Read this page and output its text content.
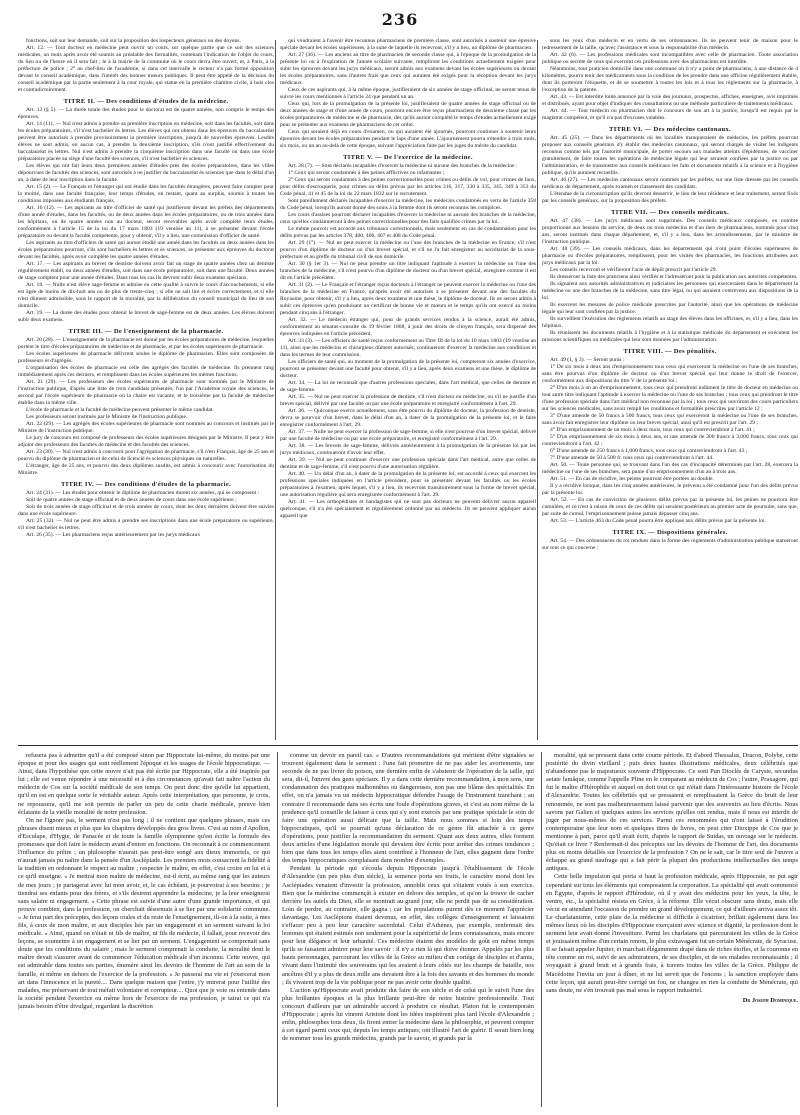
236

fonctions, soit sur leur demande, soit sur la proposition des inspecteurs généraux ou des doyens.

Art. 12. — Tout docteur en médecine peut ouvrir un cours, sur quelque partie que ce soit des sciences médicales, un mois après avoir été soumis au préalable des formalités, contenant l'indication de l'objet du cours, du lieu ou de l'heure où il sera fait ; le à la mairie de la commune où le cours devra être ouvert, et, à Paris, à la préfecture de police ; 2° au chef-lieu de l'académie, si dans cet intervalle le recteur n'a pas formé opposition devant le conseil académique, dans l'intérêt des bonnes mœurs publiques. Il peut être appelé de la décision du conseil académique par la partie seulement à la cour royale, qui statue en la première chambre civile, à huis clos et contradictoirement.

TITRE II. — Des conditions d'études de la médecine.

Art. 13 (§ 5). — La durée totale des études pour le doctorat est de quatre années, non compris le temps des épreuves.

Art. 14 (11). — Nul n'est admis à prendre sa première inscription en médecine, soit dans les facultés, soit dans les écoles préparatoires, s'il n'est bachelier ès lettres. Les élèves qui ont obtenu dans les épreuves du baccalauréat peuvent être autorisés à prendre provisoirement la première inscription, jusqu'à de nouvelles épreuves. Lesdits élèves ne sont admis, en aucun cas, à prendre la deuxième inscription, s'ils n'ont justifié effectivement du baccalauréat ès lettres. Nul n'est admis à prendre la cinquième inscription dans une faculté ou dans une école préparatoire placée au siège d'une faculté des sciences, s'il n'est bachelier ès sciences.

Les élèves qui ont fait leurs deux premières années d'études près des écoles préparatoires, dans les villes dépourvues de facultés des sciences, sont autorisés à ne justifier du baccalauréat ès sciences que dans le délai d'un an, à dater de leur inscription dans la faculté.

Art. 15 (2). — Le Français et l'étranger qui ont étudié dans les facultés étrangères, peuvent faire compter pour la moitié, dans une faculté française, leur temps d'études, en restant, quant au surplus, soumis à toutes les conditions imposées aux étudiants français.

Art. 16 (12). — Les aspirants au titre d'officier de santé qui justifieront devant les préfets des départements d'une année d'études, dans les facultés, ou de deux années dans les écoles préparatoires, ou de trois années dans les hôpitaux, ou de quatre années non au docteur, seront recevables après avoir complété leurs études, conformément à l'article 15 de la loi du 17 mars 1803 (19 ventôse an 11), à se présenter devant l'école préparatoire ou devant la faculté compétente, pour y obtenir, s'il y a lieu, une commission d'officier de santé.

Les aspirants au titre d'officiers de santé qui auront étudié une année dans les facultés ou deux années dans les écoles préparatoires pourront, s'ils sont bacheliers ès lettres et ès sciences, se présenter aux épreuves du doctorat devant les facultés, après avoir complété les quatre années d'études.

Art. 17. — Les aspirants au brevet de dentiste doivent avoir fait un stage de quatre années chez un dentiste régulièrement établi, ou deux années d'études, soit dans une école préparatoire, soit dans une faculté. Deux années de stage comptent pour une année d'études. Dans tous les cas ils devront subir deux examens spéciaux.

Art. 18. — Nulle n'est élève sage-femme et admise en cette qualité à suivre le cours d'accouchements, si elle est âgée de moins de dix-huit ans ou de plus de trente-cinq ; si elle ne sait lire et écrire correctement, et si elle n'est dûment admissible, sous le rapport de la moralité, par la délibération du conseil municipal du lieu de son domicile.

Art. 19. — La durée des études pour obtenir le brevet de sage-femme est de deux années. Les élèves doivent subir deux examens.

TITRE III. — De l'enseignement de la pharmacie.

Art. 20 (28). — L'enseignement de la pharmacie est donné par les écoles préparatoires de médecine, lesquelles portent le titre d'écoles préparatoires de médecine et de pharmacie, et par les écoles supérieures de pharmacie.

Les écoles supérieures de pharmacie délivrent seules le diplôme de pharmacien. Elles sont composées de professeurs et d'agrégés.

L'organisation des écoles de pharmacie est celle des agrégés des facultés de médecine. Ils prennent rang immédiatement après ces derniers, et remplissent dans les écoles supérieures les mêmes fonctions.

Art. 21 (29). — Les professeurs des écoles supérieures de pharmacie sont nommés par le Ministre de l'instruction publique, d'après une liste de trois candidats présentés, l'un par l'Académie royale des sciences, le second par l'école supérieure de pharmacie où la chaire est vacante, et le troisième par la faculté de médecine établie dans la même ville.

L'école de pharmacie et la faculté de médecine peuvent présenter le même candidat.

Les professeurs seront institués par le Ministre de l'instruction publique.

Art. 22 (29). — Les agrégés des écoles supérieures de pharmacie sont nommés au concours et institués par le Ministre de l'instruction publique.

Le jury de concours est composé de professeurs des écoles supérieures désignés par le Ministre. Il peut y être adjoint des professeurs des facultés de médecine et des facultés des sciences.

Art. 23 (30). — Nul n'est admis à concourir pour l'agrégation de pharmacie, s'il n'est Français, âgé de 25 ans et pourvu du diplôme de pharmacien et de celui de licencié ès sciences physiques ou naturelles.

L'étranger, âgé de 25 ans, et pourvu des deux diplômes susdits, est admis à concourir avec l'autorisation du Ministre.

TITRE IV. — Des conditions d'études de la pharmacie.

Art. 24 (31). — Les études pour obtenir le diplôme de pharmacien durent six années, qui se composent :

Soit de quatre années de stage officinal et de deux années de cours dans une école supérieure ;

Soit de trois années de stage officinal et de trois années de cours, dont les deux dernières doivent être suivies dans une école supérieure.

Art. 25 (32). — Nul ne peut être admis à prendre ses inscriptions dans une école préparatoire ou supérieure, s'il n'est bachelier ès lettres.

Art. 26 (35). — Les pharmaciens reçus antérieurement par les jurys médicaux

qui voudraient à l'avenir être reconnus pharmaciens de première classe, sont autorisés à soutenir une épreuve spéciale devant les écoles supérieures, à la suite de laquelle ils recevront, s'il y a lieu, un diplôme de pharmacien.

Art. 27 (36). — Les anciens au titre de pharmacien de seconde classe qui, à l'époque de la promulgation de la présente loi ou à l'expiration de l'année scolaire suivante, rempliront les conditions actuellement exigées pour subir les épreuves devant les jurys médicaux, seront admis aux examens devant les écoles supérieures ou devant les écoles préparatoires, sans d'autres frais que ceux qui auraient été exigés pour la réception devant les jurys médicaux.

Ceux de ces aspirants qui, à la même époque, justifieraient de six années de stage officinal, ne seront tenus de suivre les cours mentionnés à l'article 24 que pendant un an.

Ceux qui, lors de la promulgation de la présente loi, justifieraient de quatre années de stage officinal ou de deux années de stage et d'une année de cours, pourront encore être reçus pharmaciens de deuxième classe par les écoles préparatoires de médecine et de pharmacie, dès qu'ils auront complété le temps d'études actuellement exigé pour se présenter aux examens de pharmaciens de cet ordre.

Ceux qui seraient déjà en cours d'examen, ou qui auraient été ajournés, pourront continuer à soutenir leurs épreuves devant les écoles préparatoires pendant le laps d'une année. L'ajournement pourra s'étendre à trois mois, six mois, ou un an au-delà de cette époque, suivant l'appréciation faite par les juges du mérite du candidat.

TITRE V. — De l'exercice de la médecine.

Art. 28 (7). — Sont déclarés incapables d'exercer la médecine ni aucune des branches de la médecine :

1° Ceux qui seront condamnés à des peines afflictives ou infamantes ;

2° Ceux qui seront condamnés à des peines correctionnelles pour crimes ou délits de vol, pour crimes de faux, pour délits d'escroquerie, pour crimes ou délits prévus par les articles 316, 317, 330 à 335, 345, 349 à 353 du Code pénal, 41 et 45 de la loi du 22 mars 1832 sur le recrutement.

Sont pareillement déclarés incapables d'exercer la médecine, les médecins condamnés en vertu de l'article 358 du Code pénal, lorsqu'ils auront donné des soins à la femme dont ils seront reconnus les complices.

Les cours d'assises pourront déclarer incapables d'exercer la médecine ni aucune des branches de la médecine, ceux qu'elles condamneront à des peines correctionnelles pour des faits qualifiés crimes par la loi.

Le même pouvoir est accordé aux tribunaux correctionnels, mais seulement en cas de condamnation pour les délits prévus par les articles 378, 400, 406, 407 et 408 du Code pénal.

Art. 29 (1°). — Nul ne peut exercer la médecine ou l'une des branches de la médecine en France, s'il n'est pourvu d'un diplôme de docteur ou d'un brevet spécial, et s'il ne l'a fait enregistrer au secrétariat de la sous-préfecture et au greffe du tribunal civil de son domicile.

Art. 30 (§ 1er 3). — Nul ne peut prendre un titre indiquant l'aptitude à exercer la médecine ou l'une des branches de la médecine, s'il n'est pourvu d'un diplôme de docteur ou d'un brevet spécial, enregistré comme il est dit en l'article précédent.

Art. 31 (2). — Le Français et l'étranger reçus docteurs à l'étranger ne peuvent exercer la médecine ou l'une des branches de la médecine en France, qu'après avoir été autorisés à se présenter devant une des facultés du Royaume, pour obtenir, s'il y a lieu, après deux examens et une thèse, le diplôme de docteur. Ils ne seront admis à subir ces épreuves qu'en produisant un certificat de bonne vie et mœurs et le temps qu'ils ont exercé au moins pendant cinq ans à l'étranger.

Art. 32. — Le médecin étranger qui, pour de grands services rendus à la science, aurait été admis, conformément au sénatus-consulte du 19 février 1808, à jouir des droits de citoyen français, sera dispensé des épreuves indiquées en l'article précédent.

Art. 33 (3). — Les officiers de santé reçus conformément au Titre III de la loi du 10 mars 1803 (19 ventôse an 11), ainsi que les médecins et chirurgiens dûment autorisés, continueront d'exercer la médecine aux conditions et dans les termes de leur commission.

Les officiers de santé qui, au moment de la promulgation de la présente loi, compteront six années d'exercice, pourront se présenter devant une faculté pour obtenir, s'il y a lieu, après deux examens et une thèse, le diplôme de docteur.

Art. 34. — La loi ne reconnaît que d'autres professions spéciales, dans l'art médical, que celles de dentiste et de sage-femme.

Art. 35. — Nul ne peut exercer la profession de dentiste, s'il n'est docteur en médecine, ou s'il ne justifie d'un brevet spécial, délivré par une faculté ou par une école préparatoire et enregistré conformément à l'art. 29.

Art. 36. — Quiconque exerce actuellement, sans être pourvu du diplôme de docteur, la profession de dentiste, devra se pourvoir d'un brevet, dans le délai d'un an, à dater de la promulgation de la présente loi, et le faire enregistrer conformément à l'art. 29.

Art. 37. — Nulle ne peut exercer la profession de sage-femme, si elle n'est pourvue d'un brevet spécial, délivré par une faculté de médecine ou par une école préparatoire, et enregistré conformément à l'art. 29.

Art. 38. — Les brevets de sage-femme, délivrés antérieurement à la promulgation de la présente loi par les jurys médicaux, continueront d'avoir leur effet.

Art. 39. — Nul ne peut continuer d'exercer une profession spéciale dans l'art médical, autre que celles de dentiste et de sage-femme, s'il n'est pourvu d'une autorisation régulière.

Art. 40. — Un délai d'un an, à dater de la promulgation de la présente loi, est accordé à ceux qui exercent les professions spéciales indiquées en l'article précédent, pour se présenter devant les facultés ou les écoles préparatoires à l'examen, après lequel, s'il y a lieu, ils recevront transitoirement sous la forme de brevet spécial, une autorisation régulière qui sera enregistrée conformément à l'art. 29.

Art. 41. — Les orthopédistes et bandagistes qui ne sont pas docteurs ne peuvent délivrer aucun appareil quelconque, s'il n'a été spécialement et régulièrement ordonné par un médecin. Ils ne peuvent appliquer aucun appareil que

sous les yeux d'un médecin et en vertu de ses ordonnances. Ils ne peuvent tenir de maison pour le redressement de la taille, qu'avec l'assistance et sous la responsabilité d'un médecin.

Art. 42 (6). — Les professions médicales sont incompatibles avec celle de pharmacien. Toute association publique ou secrète de ceux qui exercent ces professions avec des pharmaciens est interdite.

Néanmoins, tout praticien domicilié dans une commune où il n'y a point de pharmaciens, à une distance de 4 kilomètres, pourra tenir des médicaments sous la condition de les prendre dans une officine régulièrement établie, dont ils porteront l'étiquette, et de se soumettre à toutes les lois et à tous les règlements sur la pharmacie, à l'exception de la patente.

Art. 43. — Est interdite toute annonce par la voie des journaux, prospectus, affiches, enseignes, avis imprimés et distribués, ayant pour objet d'indiquer des consultations ou une méthode particulière de traitements médicaux.

Art. 44. — Tout médecin ou pharmacien doit le concours de son art à la justice, lorsqu'il est requis par le magistrat compétent, et qu'il n'a pas d'excuses valables.

TITRE VI. — Des médecins cantonaux.

Art. 45 (25). — Dans les départements où les localités manqueraient de médecins, les préfets pourront proposer aux conseils généraux d'y établir des médecins cantonaux, qui seront chargés de visiter les indigents reconnus comme tels par l'autorité municipale, de porter secours aux malades atteints d'épidémies, de vacciner gratuitement, de faire toutes les opérations de médecine légale qui leur seraient confiées par la justice ou par l'administration, et de transmettre aux conseils médicaux les faits et documents relatifs à la science et à l'hygiène publique, qu'ils auraient recueillis.

Art. 46 (27). — Les médecins cantonaux seront nommés par les préfets, sur une liste dressée par les conseils médicaux de département, après examen et classement des candidats.

L'étendue de la circonscription qu'ils devront desservir, le lieu de leur résidence et leur traitement, seront fixés par les conseils généraux, sur la proposition des préfets.

TITRE VII. — Des conseils médicaux.

Art. 47 (38). — Les jurys médicaux sont supprimés. Des conseils médicaux composés, en nombre proportionné aux besoins du service, de deux ou trois médecins et d'un tiers de pharmaciens, nommés pour cinq ans, seront institués dans chaque département, et, s'il y a lieu, dans les arrondissements, par le ministre de l'instruction publique.

Art. 48 (39). — Les conseils médicaux, dans les départements qui n'ont point d'écoles supérieures de pharmacie ou d'écoles préparatoires, remplissent, pour les visites des pharmacies, les fonctions attribuées aux jurys médicaux par la loi.

Les conseils recevront et vérifieront l'acte de dépôt prescrit par l'article 29.

Ils dresseront la liste des praticiens ainsi vérifiés et l'adresseront pour la publication aux autorités compétentes.

Ils signalent aux autorités administratives et judiciaires les personnes qui exerceraient dans le département la médecine ou une des branches de la médecine, sans titre légal, ou qui auraient contrevenu aux dispositions de la loi.

Ils exercent les mesures de police médicale prescrites par l'autorité, ainsi que les opérations de médecine légale qui leur sont confiées par la justice.

Ils surveillent l'exécution des règlements relatifs au stage des élèves dans les officines, et, s'il y a lieu, dans les hôpitaux.

Ils réunissent les documents relatifs à l'hygiène et à la statistique médicale du département et exécutent les missions scientifiques ou médicales qui leur sont données par l'administration.

TITRE VIII. — Des pénalités.

Art. 49 (1, § 3). — Seront punis :

1° De six mois à deux ans d'emprisonnement tous ceux qui exerceront la médecine ou l'une de ses branches, sans être pourvus d'un diplôme de docteur ou d'un brevet spécial qui leur donne le droit de l'exercer, conformément aux dispositions du titre V de la présente loi ;

2° D'un mois à un an d'emprisonnement, tous ceux qui prendront indûment le titre de docteur en médecine ou tout autre titre indiquant l'aptitude à exercer la médecine ou l'une de ses branches ; tous ceux qui prendront le titre d'une profession spéciale dans l'art médical non reconnue par la loi ; tous ceux qui ouvriront des cours particuliers sur les sciences médicales, sans avoir rempli les conditions et formalités prescrites par l'article 12 ;

3° D'une amende de 50 francs à 500 francs, tous ceux qui exerceront la médecine ou l'une de ses branches, sans avoir fait enregistrer leur diplôme ou leur brevet spécial, ainsi qu'il est prescrit par l'art. 29 ;

4° D'un emprisonnement de un mois à deux mois, tous ceux qui contreviendront à l'art. 41 ;

5° D'un emprisonnement de six mois à deux ans, et une amende de 300 francs à 3,000 francs, tous ceux qui contreviendront à l'art. 42 ;

6° D'une amende de 250 francs à 1,000 francs, tous ceux qui contreviendront à l'art. 43 ;

7° D'une amende de 50 à 500 fr. tous ceux qui contreviendront à l'art. 44.

Art. 50. — Toute personne qui, se trouvant dans l'un des cas d'incapacité déterminés par l'art. 28, exercera la médecine ou l'une de ses branches, sera punie d'un emprisonnement d'un an à trois ans.

Art. 51. — En cas de récidive, les peines pourront être portées au double.

Il y a récidive lorsque, dans les cinq années antérieures, le prévenu a été condamné pour l'un des délits prévus par la présente loi.

Art. 52. — En cas de conviction de plusieurs délits prévus par la présente loi, les peines ne pourront être cumulées, et ce n'est à raison de ceux de ces délits qui seraient postérieurs au premier acte de poursuite, sans que, par suite de cumul, l'emprisonnement puisse jamais dépasser cinq ans.

Art. 53. — L'article 463 du Code pénal pourra être appliqué aux délits prévus par la présente loi.

TITRE IX. — Dispositions générales.

Art. 54. — Des ordonnances du roi rendues dans la forme des règlements d'administration publique statueront sur tout ce qui concerne :

refusera pas à admettre qu'il a été composé sinon par Hippocrate lui-même, du moins par une époque et pour des usages qui sont réellement l'époque et les usages de l'école hippocratique. — Ainsi, dans l'hypothèse que cette œuvre n'ait pas été écrite par Hippocrate, elle a été inspirée par lui ; elle est venue répondre à une nécessité et à des circonstances qu'avait fait naître l'action du médecin de Cos sur la société médicale de son temps. On peut donc dire qu'elle lui appartient, qu'il en est en quelque sorte le véritable auteur. Après cette interprétation, que personne, je crois, ne repoussera, qu'il me soit permis de parler un peu de cette charte médicale, preuve bien éclatante de la vieille moralité de notre profession.

On ne l'ignore pas, le serment n'est pas long ; il ne contient que quelques phrases, mais ces phrases disent mieux et plus que les chapitres développés des gros livres. C'est au nom d'Apollon, d'Esculape, d'Hygie, de Panacée et de toute la famille olympienne qu'est écrite la formule des promesses que doit faire le médecin avant d'entrer en fonctions. On reconnaît à ce commencement l'influence du prêtre ; un philosophe n'aurait pas peut-être songé aux dieux immortels, ce qui n'aurait jamais pu naître dans la pensée d'un Asclépiade. Les premiers mots consacrent la fidélité à la tradition en ordonnant le respect au maître ; respecter le maître, en effet, c'est croire en lui et à ce qu'il enseigne. « Je mettrai mon maître de médecine, est-il écrit, au même rang que les auteurs de mes jours ; je partagerai avec lui mon avoir, et, le cas échéant, je pourvoirai à ses besoins ; je tiendrai ses enfants pour des frères, et s'ils désirent apprendre la médecine, je la leur enseignerai sans salaire ni engagement. » Cette phrase est suivie d'une autre d'une grande importance, et qui prouve combien, dans la profession, on cherchait désormais à se lier par une solidarité commune. « Je ferai part des préceptes, des leçons orales et du reste de l'enseignement, ili-on à la suite, à mes fils, à ceux de mon maître, et aux disciples liés par un engagement et un serment suivant la loi médicale. » Ainsi, quand on n'était ni fils de maître, ni fils de médecin, il fallait, pour recevoir des leçons, se soumettre à un engagement et se lier par un serment. L'engagement se comprenait sans doute que les conditions du salaire ; mais le serment comprenait la conduite, la moralité dont le maître devait s'assurer avant de commencer l'éducation médicale d'un inconnu. Cette œuvre, qui est admirable dans toutes ses parties, énumère ainsi les devoirs de l'homme de l'art au sein de la famille, et même en dehors de l'exercice de la profession. « Je passerai ma vie et j'exercerai mon art dans l'innocence et la pureté.... Dans quelque maison que j'entre, j'y entrerai pour l'utilité des malades, me préservant de tout méfait volontaire et corrupteur.... Quoi que je voie ou entende dans la société pendant l'exercice ou même hors de l'exercice de ma profession, je tairai ce qui n'a jamais besoin d'être divulgué, regardant la discrétion

comme un devoir en pareil cas. » D'autres recommandations qui méritent d'être signalées se trouvent également dans le serment : l'une fait promettre de ne pas aider les avortements, une seconde de ne pas livrer du poison, une dernière enfin de s'abstenir de l'opération de la taille, qui sera, dit-il, l'œuvre des gens spéciaux. Il y a dans cette dernière recommandation, à mon sens, une condamnation des pratiques malhonnêtes ou dangereuses, non pas une blâme des spécialités. En effet, on n'a jamais vu un médecin hippocratique défendre l'usage de l'instrument tranchant ; au contraire il recommande dans ses écrits une foule d'opérations graves, et c'est au nom même de la prudence qu'il conseille de laisser à ceux qui s'y sont exercés par une pratique spéciale le soin de faire une opération aussi délicate que la taille. Mais nous sommes si loin des temps hippocratiques, qu'il se pourrait qu'une déclaration de ce genre fût attachée à ce genre d'opérations, pour justifier la recommandation du serment. Quant aux deux autres, elles forment deux articles d'une législation morale qui devaient être écrits pour arrêter des crimes tendances ; bien que dans tous les temps elles aient contribué à l'honneur de l'art, elles gagnent dans l'ordre des temps hippocratiques complaisant dans nombre d'exemples.

Pendant la période qui s'écoula depuis Hippocrate jusqu'à l'établissement de l'école d'Alexandrie (un peu plus d'un siècle), la semence porta ses fruits, le caractère moral dont les Asclépiades venaient d'investir la profession, annoblit ceux qui s'étaient voués à son exercice. Bien que la médecine commençât à exister en dehors des temples, et qu'on la trouve de cacher derrière les autels du Dieu, elle se montrait au grand jour, elle ne perdit pas de sa considération. Loin de perdre, au contraire, elle gagna ; car les populations purent dès ce moment l'apprécier davantage. Les Asclépions étaient devenus, en effet, des collèges d'enseignement et laissaient s'effacer peu à peu leur caractère sacerdotal. Celui d'Athènes, par exemple, renfermait des hommes qui étaient estimés non seulement pour la supériorité de leurs connaissances, mais encore pour leur élégance et leur urbanité. Ces médecins étaient des modèles de goût en même temps qu'ils se faisaient admirer pour leur savoir : il n'y a rien là qui doive étonner. Appelés par les plus hauts personnages, parcourant les villes de la Grèce au milieu d'un cortège de disciples et d'amis, vivant dans l'intimité des souverains qui les avaient à leurs côtés sur les champs de bataille, nos ancêtres d'il y a plus de deux mille ans devaient être à la fois des savants et des hommes du monde ; ils vivaient trop de la vie publique pour ne pas avoir cette double qualité.

L'action qu'Hippocrate avait produite dut faire de son siècle et de celui qui le suivit l'une des plus brillantes époques et la plus brillante peut-être de notre histoire professionnelle. Tout concourt d'ailleurs par un admirable accord à produire ce résultat. Platon fut le contemporain d'Hippocrate ; après lui vinrent Aristote dont les idées inspirèrent plus tard l'école d'Alexandrie ; enfin, philosophes tous deux, ils firent entrer la médecine dans la philosophie, et peuvent compter à cet égard parmi ceux qui, depuis les temps antiques, ont illustré l'art de guérir. Il serait bien long de nommer tous les grands médecins, grands par le savoir, et grands par la

moralité, qui se pressent dans cette courte période. Et d'abord Thessalus, Dracon, Polybe, cette postérité du divin vieillard ; puis deux hautes illustrations médicales, deux célébrités que n'abandonne pas le majestueux souvenir d'Hippocrate. Ce sont Pun Dioclès de Caryste, secundus aetate famâque, comme l'appelle Pline en le comparant au médecin de Cos ; l'autre, Praxagore, qui fut le maître d'Hérophile et auquel on doit tout ce qui n'était dans l'intéressante histoire de l'école d'Alexandrie. Toutes les célébrités qui se pressaient et remplissaient la Grèce du bruit de leur renommée, ne sont pas malheureusement laissé parvenir que des souvenirs au lieu d'écrits. Nous savons par Galien et quelques autres les services qu'elles ont rendus, mais il nous est interdit de juger par nous-mêmes de ces services. Parmi ces renommées qui n'ont laissé à l'érudition contemporaine que leur nom et quelques titres de livres, on peut citer Dioxippe de Cos que je mentionne à part, parce qu'il avait écrit, d'après le rapport de Suidas, un ouvrage sur le médecin. Qu'était ce livre ? Renfermait-il des préceptes sur les devoirs de l'homme de l'art, des documents plus ou moins détaillés sur l'exercice de la profession ? On ne le sait, car le titre seul de l'œuvre a échappé au grand naufrage qui a fait périr la plupart des productions intellectuelles des temps antiques.

Cette belle impulsion qui porta si haut la profession médicale, après Hippocrate, ne put agir cependant sur tous les éléments qui composaient la corporation. La spécialité qui avait commencé en Égypte, d'après le rapport d'Hérodote, où il y avait des médecins pour les yeux, la tête, le ventre, etc., la spécialité résista en Grèce, à la réforme. Elle vécut obscure sans doute, mais elle vécut en attendant l'occasion de prendre un grand développement, ce qui d'ailleurs arriva assez tôt. Le charlatanisme, cette plaie de la médecine si difficile à cicatriser, brillait également dans les mêmes lieux où les disciples d'Hippocrate exerçaient avec science et dignité, la profession dont le serment leur avait donné l'investiture. Parmi les charlatans qui parcouraient les villes de la Grèce et jouissaient même d'un certain renom, le plus extravagant fut un certain Ménécrate, de Syracuse. Il se faisait appeler Jupiter, et marchait élégamment drapé dans de riches étoffes, et la couronne en tête comme un roi, suivi de ses admirateurs, de ses disciples, et de ses malades reconnaissants ; il voyageait à grand bruit et à grands frais, à travers toutes les villes de la Grèce. Philippe de Macédoine l'invita un jour à dîner, et ne lui servit que de l'encens ; la sanction employée dans cette leçon, qui aurait peut-être corrigé un fou, ne changea en rien la conduite de Ménécrate, qui sans doute, ne s'en trouvait pas mal sous le rapport industriel.

Dr Joseph Dominique.
